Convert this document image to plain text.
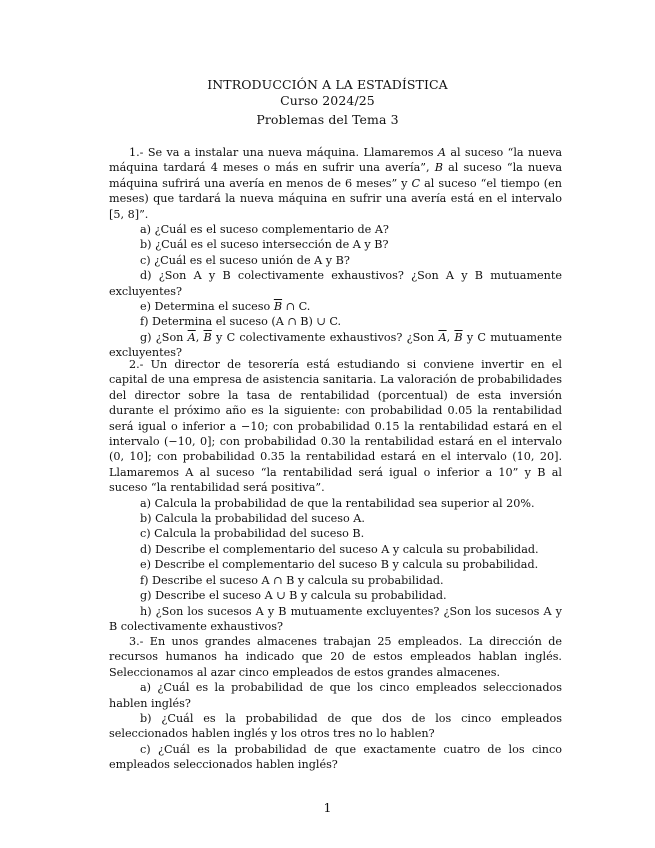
INTRODUCCIÓN A LA ESTADÍSTICA
Curso 2024/25
Problemas del Tema 3

1.- Se va a instalar una nueva máquina. Llamaremos A al suceso “la nueva máquina tardará 4 meses o más en sufrir una avería”, B al suceso “la nueva máquina sufrirá una avería en menos de 6 meses” y C al suceso “el tiempo (en meses) que tardará la nueva máquina en sufrir una avería está en el intervalo [5, 8]”.

a) ¿Cuál es el suceso complementario de A?

b) ¿Cuál es el suceso intersección de A y B?

c) ¿Cuál es el suceso unión de A y B?

d) ¿Son A y B colectivamente exhaustivos? ¿Son A y B mutuamente excluyentes?

e) Determina el suceso $\overline{B}$ ∩ C.

f) Determina el suceso (A ∩ B) ∪ C.

g) ¿Son $\overline{A}$, $\overline{B}$ y C colectivamente exhaustivos? ¿Son $\overline{A}$, $\overline{B}$ y C mutuamente excluyentes?

2.- Un director de tesorería está estudiando si conviene invertir en el capital de una empresa de asistencia sanitaria. La valoración de probabilidades del director sobre la tasa de rentabilidad (porcentual) de esta inversión durante el próximo año es la siguiente: con probabilidad 0.05 la rentabilidad será igual o inferior a −10; con probabilidad 0.15 la rentabilidad estará en el intervalo (−10, 0]; con probabilidad 0.30 la rentabilidad estará en el intervalo (0, 10]; con probabilidad 0.35 la rentabilidad estará en el intervalo (10, 20]. Llamaremos A al suceso “la rentabilidad será igual o inferior a 10” y B al suceso “la rentabilidad será positiva”.

a) Calcula la probabilidad de que la rentabilidad sea superior al 20%.

b) Calcula la probabilidad del suceso A.

c) Calcula la probabilidad del suceso B.

d) Describe el complementario del suceso A y calcula su probabilidad.

e) Describe el complementario del suceso B y calcula su probabilidad.

f) Describe el suceso A ∩ B y calcula su probabilidad.

g) Describe el suceso A ∪ B y calcula su probabilidad.

h) ¿Son los sucesos A y B mutuamente excluyentes? ¿Son los sucesos A y B colectivamente exhaustivos?

3.- En unos grandes almacenes trabajan 25 empleados. La dirección de recursos humanos ha indicado que 20 de estos empleados hablan inglés. Seleccionamos al azar cinco empleados de estos grandes almacenes.

a) ¿Cuál es la probabilidad de que los cinco empleados seleccionados hablen inglés?

b) ¿Cuál es la probabilidad de que dos de los cinco empleados seleccionados hablen inglés y los otros tres no lo hablen?

c) ¿Cuál es la probabilidad de que exactamente cuatro de los cinco empleados seleccionados hablen inglés?

1
